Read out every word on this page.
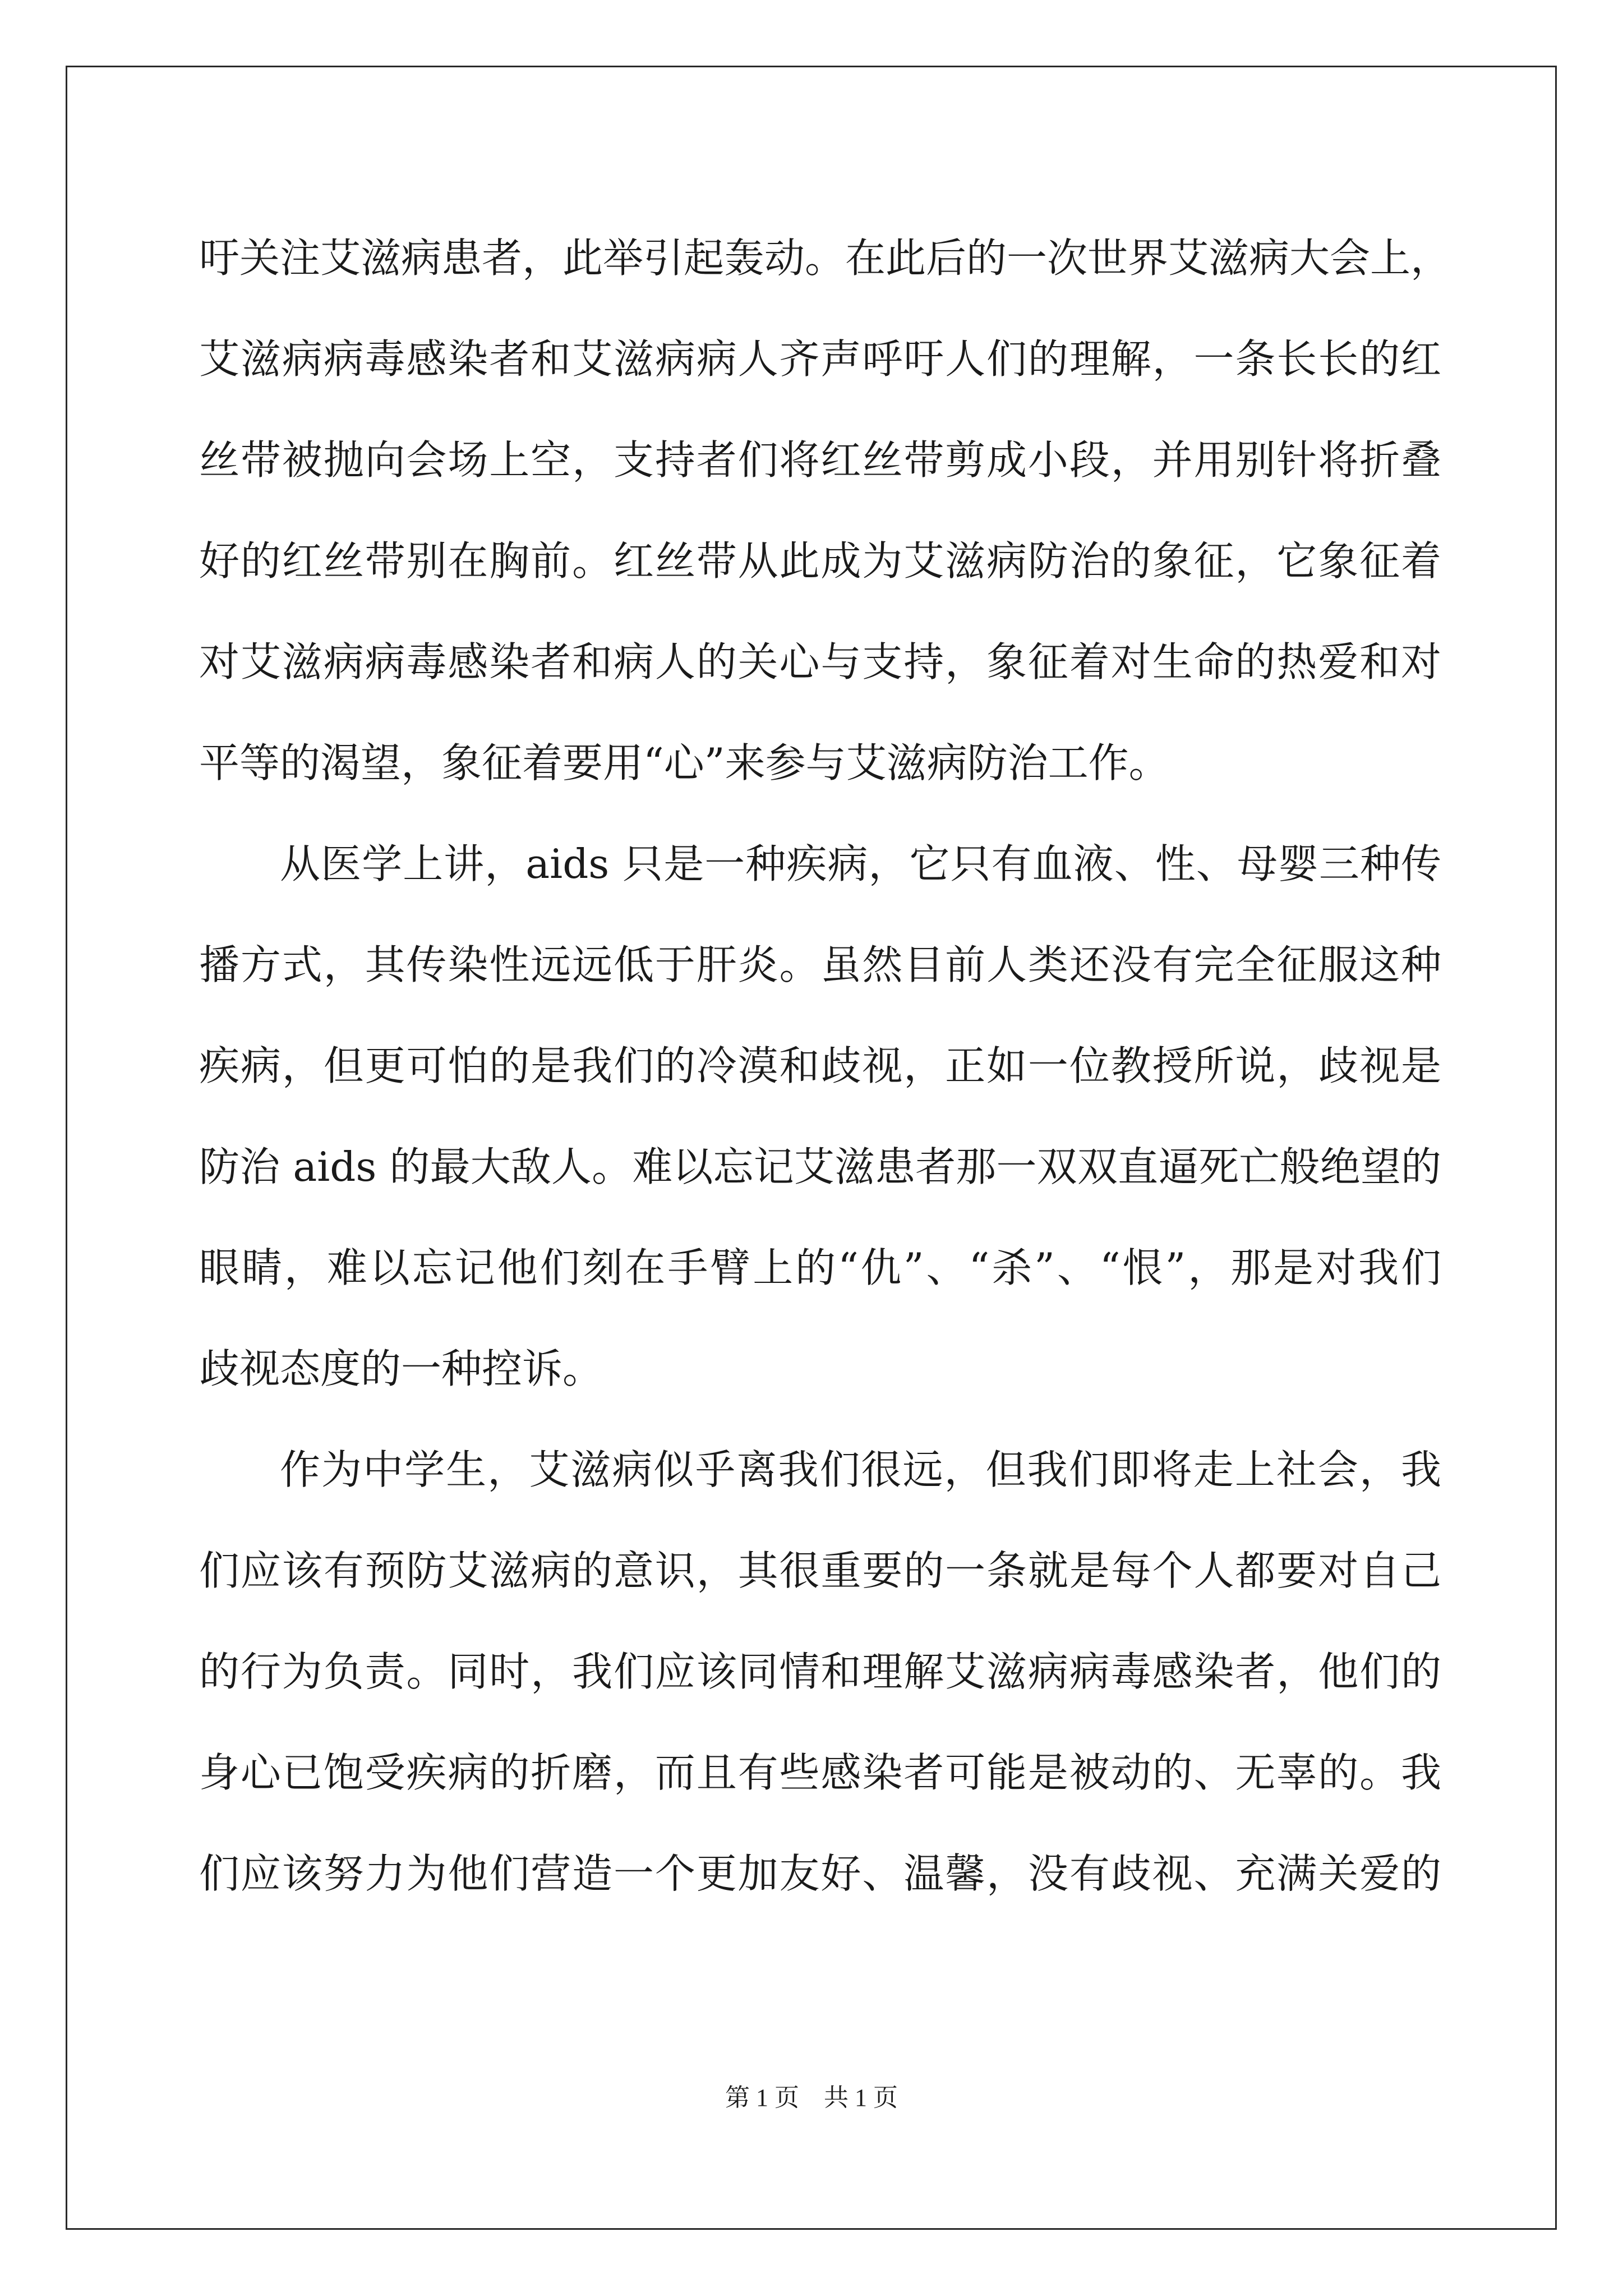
吁关注艾滋病患者，此举引起轰动。在此后的一次世界艾滋病大会上，
艾滋病病毒感染者和艾滋病病人齐声呼吁人们的理解，一条长长的红
丝带被抛向会场上空，支持者们将红丝带剪成小段，并用别针将折叠
好的红丝带别在胸前。红丝带从此成为艾滋病防治的象征，它象征着
对艾滋病病毒感染者和病人的关心与支持，象征着对生命的热爱和对
平等的渴望，象征着要用“心”来参与艾滋病防治工作。
从医学上讲，aids 只是一种疾病，它只有血液、性、母婴三种传
播方式，其传染性远远低于肝炎。虽然目前人类还没有完全征服这种
疾病，但更可怕的是我们的冷漠和歧视，正如一位教授所说，歧视是
防治 aids 的最大敌人。难以忘记艾滋患者那一双双直逼死亡般绝望的
眼睛，难以忘记他们刻在手臂上的“仇”、“杀”、“恨”，那是对我们
歧视态度的一种控诉。
作为中学生，艾滋病似乎离我们很远，但我们即将走上社会，我
们应该有预防艾滋病的意识，其很重要的一条就是每个人都要对自己
的行为负责。同时，我们应该同情和理解艾滋病病毒感染者，他们的
身心已饱受疾病的折磨，而且有些感染者可能是被动的、无辜的。我
们应该努力为他们营造一个更加友好、温馨，没有歧视、充满关爱的
第 1 页　共 1 页
